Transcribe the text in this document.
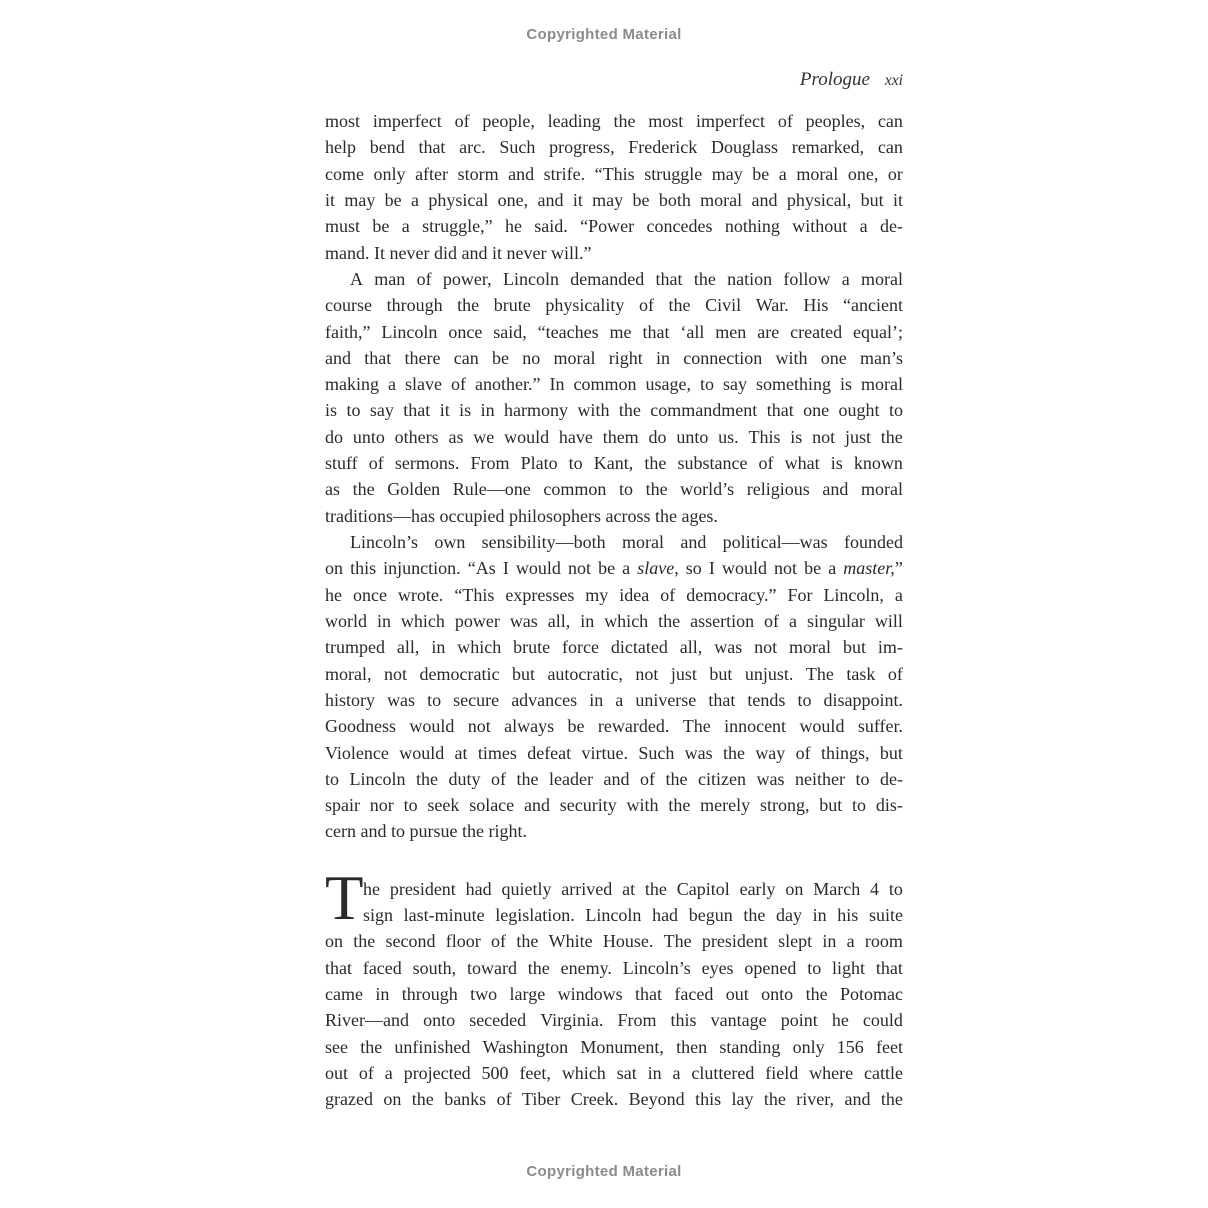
Copyrighted Material
Prologue xxi
most imperfect of people, leading the most imperfect of peoples, can
help bend that arc. Such progress, Frederick Douglass remarked, can
come only after storm and strife. “This struggle may be a moral one, or
it may be a physical one, and it may be both moral and physical, but it
must be a struggle,” he said. “Power concedes nothing without a de-
mand. It never did and it never will.”
A man of power, Lincoln demanded that the nation follow a moral
course through the brute physicality of the Civil War. His “ancient
faith,” Lincoln once said, “teaches me that ‘all men are created equal’;
and that there can be no moral right in connection with one man’s
making a slave of another.” In common usage, to say something is moral
is to say that it is in harmony with the commandment that one ought to
do unto others as we would have them do unto us. This is not just the
stuff of sermons. From Plato to Kant, the substance of what is known
as the Golden Rule—one common to the world’s religious and moral
traditions—has occupied philosophers across the ages.
Lincoln’s own sensibility—both moral and political—was founded
on this injunction. “As I would not be a slave, so I would not be a master,”
he once wrote. “This expresses my idea of democracy.” For Lincoln, a
world in which power was all, in which the assertion of a singular will
trumped all, in which brute force dictated all, was not moral but im-
moral, not democratic but autocratic, not just but unjust. The task of
history was to secure advances in a universe that tends to disappoint.
Goodness would not always be rewarded. The innocent would suffer.
Violence would at times defeat virtue. Such was the way of things, but
to Lincoln the duty of the leader and of the citizen was neither to de-
spair nor to seek solace and security with the merely strong, but to dis-
cern and to pursue the right.
T he president had quietly arrived at the Capitol early on March 4 to
sign last-minute legislation. Lincoln had begun the day in his suite
on the second floor of the White House. The president slept in a room
that faced south, toward the enemy. Lincoln’s eyes opened to light that
came in through two large windows that faced out onto the Potomac
River—and onto seceded Virginia. From this vantage point he could
see the unfinished Washington Monument, then standing only 156 feet
out of a projected 500 feet, which sat in a cluttered field where cattle
grazed on the banks of Tiber Creek. Beyond this lay the river, and the
Copyrighted Material
